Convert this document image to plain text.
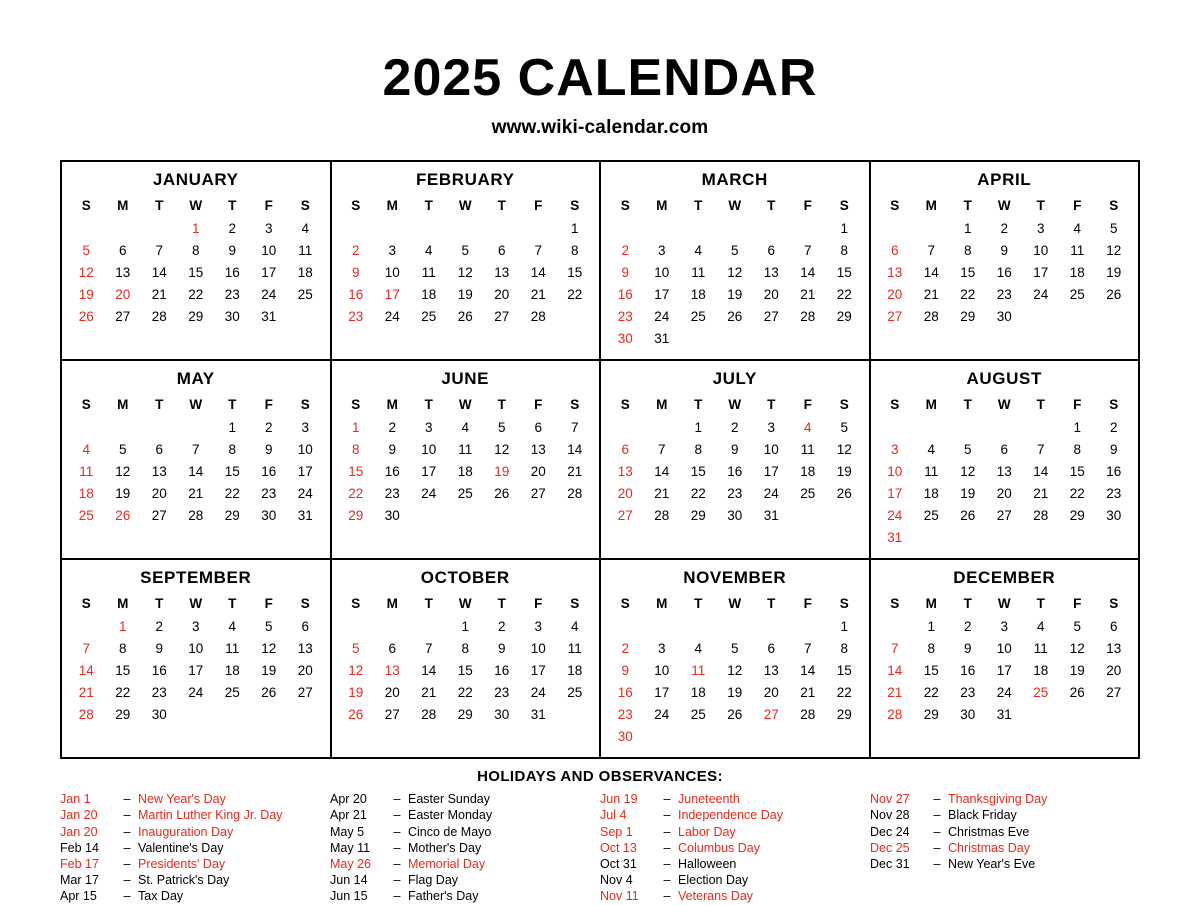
2025 CALENDAR
www.wiki-calendar.com
JANUARY
S	M	T	W	T	F	S
			1	2	3	4
5	6	7	8	9	10	11
12	13	14	15	16	17	18
19	20	21	22	23	24	25
26	27	28	29	30	31	
FEBRUARY
S	M	T	W	T	F	S
						1
2	3	4	5	6	7	8
9	10	11	12	13	14	15
16	17	18	19	20	21	22
23	24	25	26	27	28	
MARCH
S	M	T	W	T	F	S
						1
2	3	4	5	6	7	8
9	10	11	12	13	14	15
16	17	18	19	20	21	22
23	24	25	26	27	28	29
30	31					
APRIL
S	M	T	W	T	F	S
		1	2	3	4	5
6	7	8	9	10	11	12
13	14	15	16	17	18	19
20	21	22	23	24	25	26
27	28	29	30			
MAY
S	M	T	W	T	F	S
				1	2	3
4	5	6	7	8	9	10
11	12	13	14	15	16	17
18	19	20	21	22	23	24
25	26	27	28	29	30	31
JUNE
S	M	T	W	T	F	S
1	2	3	4	5	6	7
8	9	10	11	12	13	14
15	16	17	18	19	20	21
22	23	24	25	26	27	28
29	30					
JULY
S	M	T	W	T	F	S
		1	2	3	4	5
6	7	8	9	10	11	12
13	14	15	16	17	18	19
20	21	22	23	24	25	26
27	28	29	30	31		
AUGUST
S	M	T	W	T	F	S
					1	2
3	4	5	6	7	8	9
10	11	12	13	14	15	16
17	18	19	20	21	22	23
24	25	26	27	28	29	30
31						
SEPTEMBER
S	M	T	W	T	F	S
	1	2	3	4	5	6
7	8	9	10	11	12	13
14	15	16	17	18	19	20
21	22	23	24	25	26	27
28	29	30				
OCTOBER
S	M	T	W	T	F	S
			1	2	3	4
5	6	7	8	9	10	11
12	13	14	15	16	17	18
19	20	21	22	23	24	25
26	27	28	29	30	31	
NOVEMBER
S	M	T	W	T	F	S
						1
2	3	4	5	6	7	8
9	10	11	12	13	14	15
16	17	18	19	20	21	22
23	24	25	26	27	28	29
30						
DECEMBER
S	M	T	W	T	F	S
	1	2	3	4	5	6
7	8	9	10	11	12	13
14	15	16	17	18	19	20
21	22	23	24	25	26	27
28	29	30	31			
HOLIDAYS AND OBSERVANCES:
Jan 1	– New Year's Day
Jan 20	– Martin Luther King Jr. Day
Jan 20	– Inauguration Day
Feb 14	– Valentine's Day
Feb 17	– Presidents' Day
Mar 17	– St. Patrick's Day
Apr 15	– Tax Day
Apr 20	– Easter Sunday
Apr 21	– Easter Monday
May 5	– Cinco de Mayo
May 11	– Mother's Day
May 26	– Memorial Day
Jun 14	– Flag Day
Jun 15	– Father's Day
Jun 19	– Juneteenth
Jul 4	– Independence Day
Sep 1	– Labor Day
Oct 13	– Columbus Day
Oct 31	– Halloween
Nov 4	– Election Day
Nov 11	– Veterans Day
Nov 27	– Thanksgiving Day
Nov 28	– Black Friday
Dec 24	– Christmas Eve
Dec 25	– Christmas Day
Dec 31	– New Year's Eve
